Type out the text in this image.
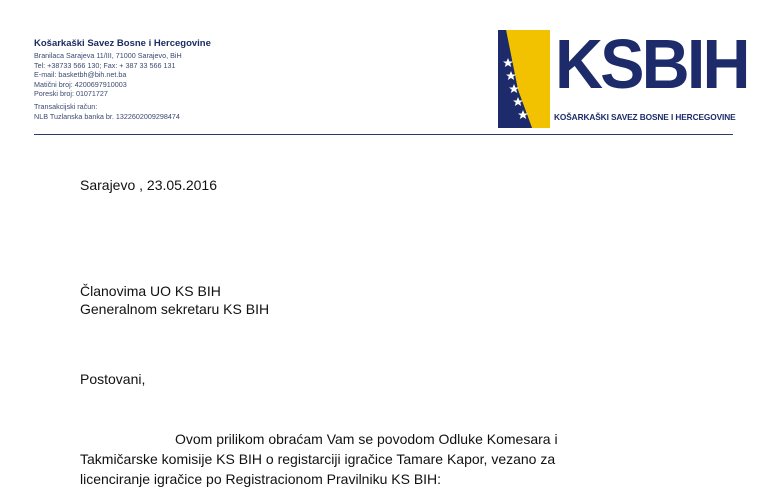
Košarkaški Savez Bosne i Hercegovine
Branilaca Sarajeva 11/III, 71000 Sarajevo, BiH
Tel: +38733 566 130; Fax: + 387 33 566 131
E-mail: basketbh@bih.net.ba
Matični broj: 4200697910003
Poreski broj: 01071727
Transakcijski račun:
NLB Tuzlanska banka br. 1322602009298474
KSBIH
KOŠARKAŠKI SAVEZ BOSNE I HERCEGOVINE
Sarajevo , 23.05.2016
Članovima UO KS BIH
Generalnom sekretaru KS BIH
Postovani,
Ovom prilikom obraćam Vam se povodom Odluke Komesara i
Takmičarske komisije KS BIH o registarciji igračice Tamare Kapor, vezano za
licenciranje igračice po Registracionom Pravilniku KS BIH:
